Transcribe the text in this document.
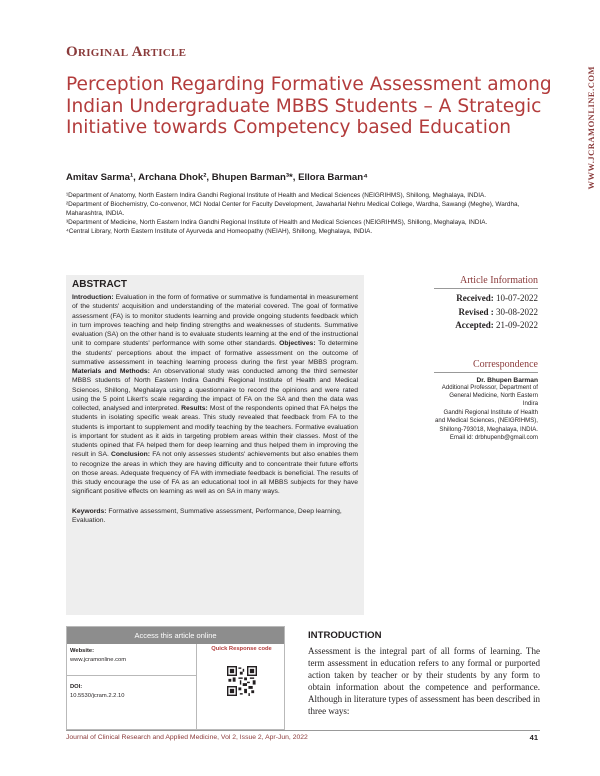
Original Article
WWW.JCRAMONLINE.COM
Perception Regarding Formative Assessment among Indian Undergraduate MBBS Students – A Strategic Initiative towards Competency based Education
Amitav Sarma¹, Archana Dhok², Bhupen Barman³*, Ellora Barman⁴

¹Department of Anatomy, North Eastern Indira Gandhi Regional Institute of Health and Medical Sciences (NEIGRIHMS), Shillong, Meghalaya, INDIA.

²Department of Biochemistry, Co-convenor, MCI Nodal Center for Faculty Development, Jawaharlal Nehru Medical College, Wardha, Sawangi (Meghe), Wardha, Maharashtra, INDIA.

³Department of Medicine, North Eastern Indira Gandhi Regional Institute of Health and Medical Sciences (NEIGRIHMS), Shillong, Meghalaya, INDIA.

⁴Central Library, North Eastern Institute of Ayurveda and Homeopathy (NEIAH), Shillong, Meghalaya, INDIA.

ABSTRACT
Introduction: Evaluation in the form of formative or summative is fundamental in measurement of the students' acquisition and understanding of the material covered. The goal of formative assessment (FA) is to monitor students learning and provide ongoing students feedback which in turn improves teaching and help finding strengths and weaknesses of students. Summative evaluation (SA) on the other hand is to evaluate students learning at the end of the instructional unit to compare students' performance with some other standards. Objectives: To determine the students' perceptions about the impact of formative assessment on the outcome of summative assessment in teaching learning process during the first year MBBS program. Materials and Methods: An observational study was conducted among the third semester MBBS students of North Eastern Indira Gandhi Regional Institute of Health and Medical Sciences, Shillong, Meghalaya using a questionnaire to record the opinions and were rated using the 5 point Likert's scale regarding the impact of FA on the SA and then the data was collected, analysed and interpreted. Results: Most of the respondents opined that FA helps the students in isolating specific weak areas. This study revealed that feedback from FA to the students is important to supplement and modify teaching by the teachers. Formative evaluation is important for student as it aids in targeting problem areas within their classes. Most of the students opined that FA helped them for deep learning and thus helped them in improving the result in SA. Conclusion: FA not only assesses students' achievements but also enables them to recognize the areas in which they are having difficulty and to concentrate their future efforts on those areas. Adequate frequency of FA with immediate feedback is beneficial. The results of this study encourage the use of FA as an educational tool in all MBBS subjects for they have significant positive effects on learning as well as on SA in many ways.
Keywords: Formative assessment, Summative assessment, Performance, Deep learning, Evaluation.
Article Information
Received: 10-07-2022
Revised : 30-08-2022
Accepted: 21-09-2022
Correspondence
Dr. Bhupen Barman
Additional Professor, Department of
General Medicine, North Eastern Indira
Gandhi Regional Institute of Health
and Medical Sciences, (NEIGRIHMS),
Shillong-793018, Meghalaya, INDIA.
Email id: drbhupenb@gmail.com
Access this article online
Website:
www.jcramonline.com
DOI:
10.5530/jcram.2.2.10
Quick Response code
INTRODUCTION

Assessment is the integral part of all forms of learning. The term assessment in education refers to any formal or purported action taken by teacher or by their students by any form to obtain information about the competence and performance. Although in literature types of assessment has been described in three ways:

Journal of Clinical Research and Applied Medicine, Vol 2, Issue 2, Apr-Jun, 2022	41
